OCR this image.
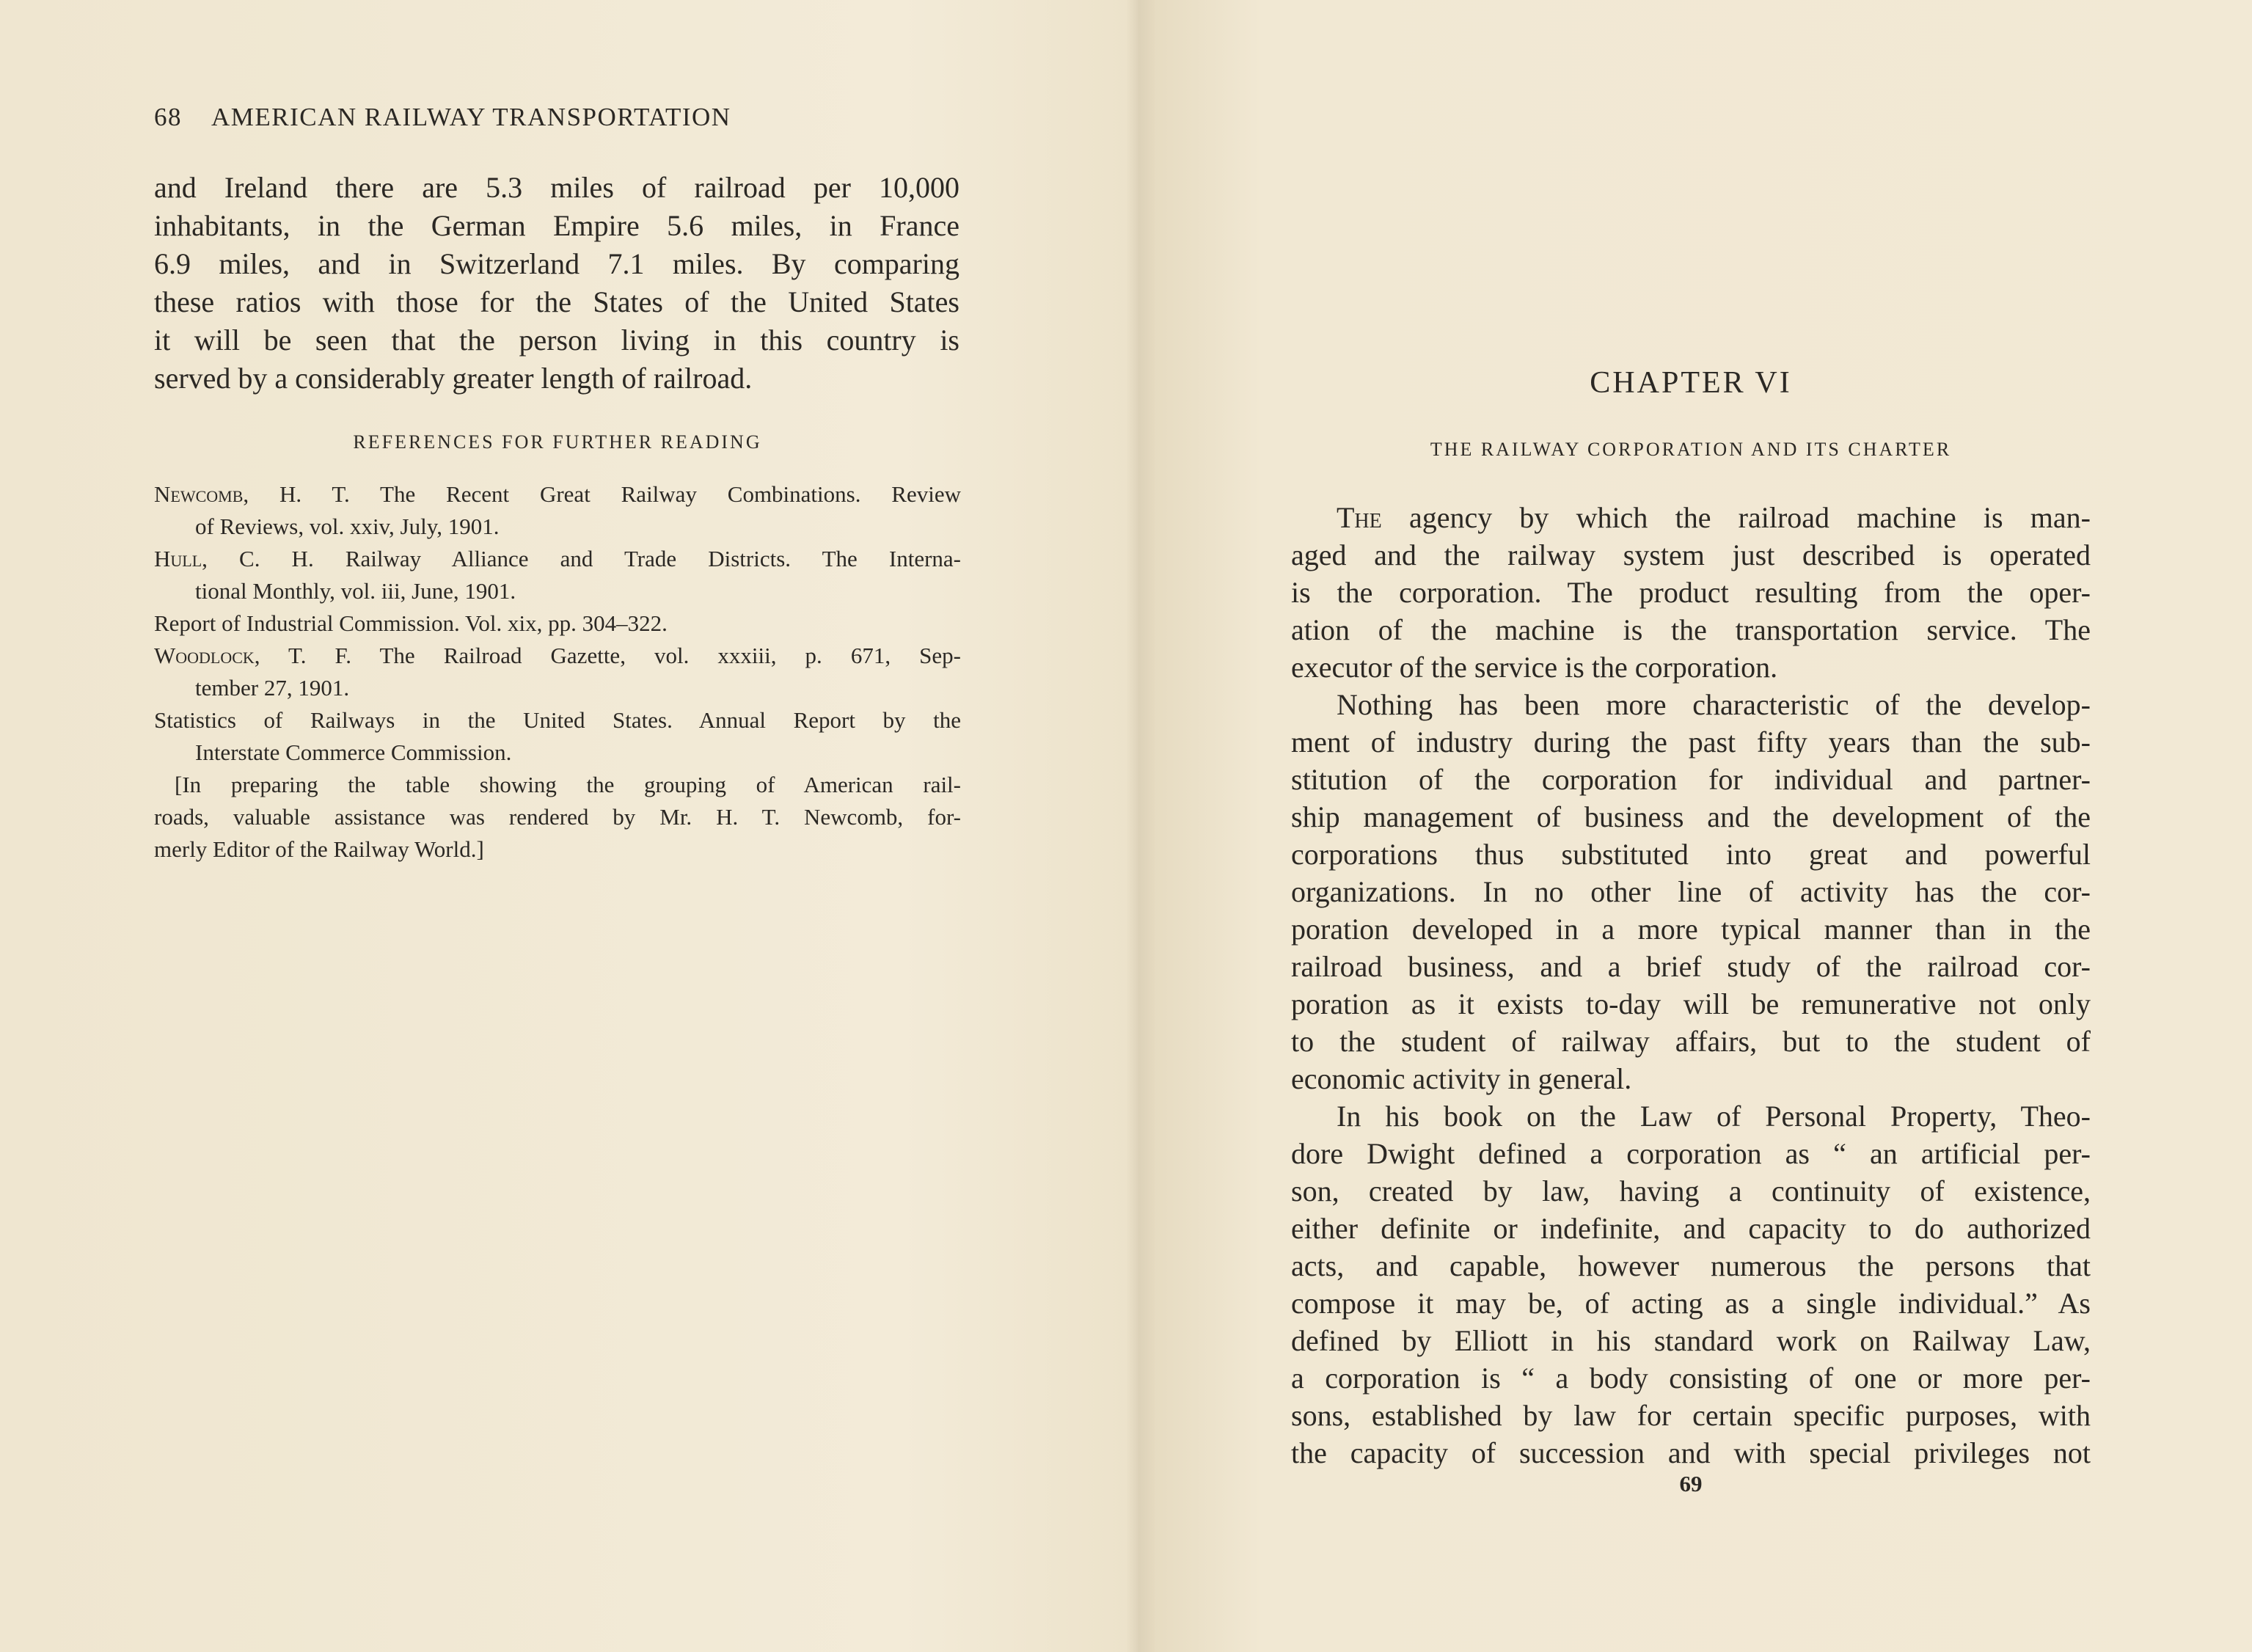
68 AMERICAN RAILWAY TRANSPORTATION
and Ireland there are 5.3 miles of railroad per 10,000
inhabitants, in the German Empire 5.6 miles, in France
6.9 miles, and in Switzerland 7.1 miles. By comparing
these ratios with those for the States of the United States
it will be seen that the person living in this country is
served by a considerably greater length of railroad.
REFERENCES FOR FURTHER READING
Newcomb, H. T. The Recent Great Railway Combinations. Review
of Reviews, vol. xxiv, July, 1901.
Hull, C. H. Railway Alliance and Trade Districts. The Interna-
tional Monthly, vol. iii, June, 1901.
Report of Industrial Commission. Vol. xix, pp. 304–322.
Woodlock, T. F. The Railroad Gazette, vol. xxxiii, p. 671, Sep-
tember 27, 1901.
Statistics of Railways in the United States. Annual Report by the
Interstate Commerce Commission.
[In preparing the table showing the grouping of American rail-
roads, valuable assistance was rendered by Mr. H. T. Newcomb, for-
merly Editor of the Railway World.]
CHAPTER VI
THE RAILWAY CORPORATION AND ITS CHARTER
The agency by which the railroad machine is man-
aged and the railway system just described is operated
is the corporation. The product resulting from the oper-
ation of the machine is the transportation service. The
executor of the service is the corporation.
Nothing has been more characteristic of the develop-
ment of industry during the past fifty years than the sub-
stitution of the corporation for individual and partner-
ship management of business and the development of the
corporations thus substituted into great and powerful
organizations. In no other line of activity has the cor-
poration developed in a more typical manner than in the
railroad business, and a brief study of the railroad cor-
poration as it exists to-day will be remunerative not only
to the student of railway affairs, but to the student of
economic activity in general.
In his book on the Law of Personal Property, Theo-
dore Dwight defined a corporation as “ an artificial per-
son, created by law, having a continuity of existence,
either definite or indefinite, and capacity to do authorized
acts, and capable, however numerous the persons that
compose it may be, of acting as a single individual.” As
defined by Elliott in his standard work on Railway Law,
a corporation is “ a body consisting of one or more per-
sons, established by law for certain specific purposes, with
the capacity of succession and with special privileges not
69
